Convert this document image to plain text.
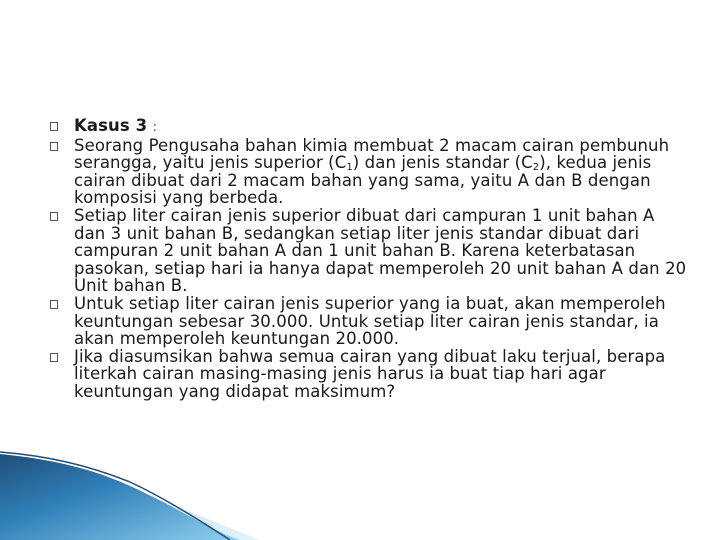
Kasus 3 :
Seorang Pengusaha bahan kimia membuat 2 macam cairan pembunuh serangga, yaitu jenis superior $(C_1)$ dan jenis standar $(C_2)$, kedua jenis cairan dibuat dari 2 macam bahan yang sama, yaitu A dan B dengan komposisi yang berbeda.
Setiap liter cairan jenis superior dibuat dari campuran 1 unit bahan A dan 3 unit bahan B, sedangkan setiap liter jenis standar dibuat dari campuran 2 unit bahan A dan 1 unit bahan B. Karena keterbatasan pasokan, setiap hari ia hanya dapat memperoleh 20 unit bahan A dan 20 Unit bahan B.
Untuk setiap liter cairan jenis superior yang ia buat, akan memperoleh keuntungan sebesar 30.000. Untuk setiap liter cairan jenis standar, ia akan memperoleh keuntungan 20.000.
Jika diasumsikan bahwa semua cairan yang dibuat laku terjual, berapa literkah cairan masing-masing jenis harus ia buat tiap hari agar keuntungan yang didapat maksimum?
